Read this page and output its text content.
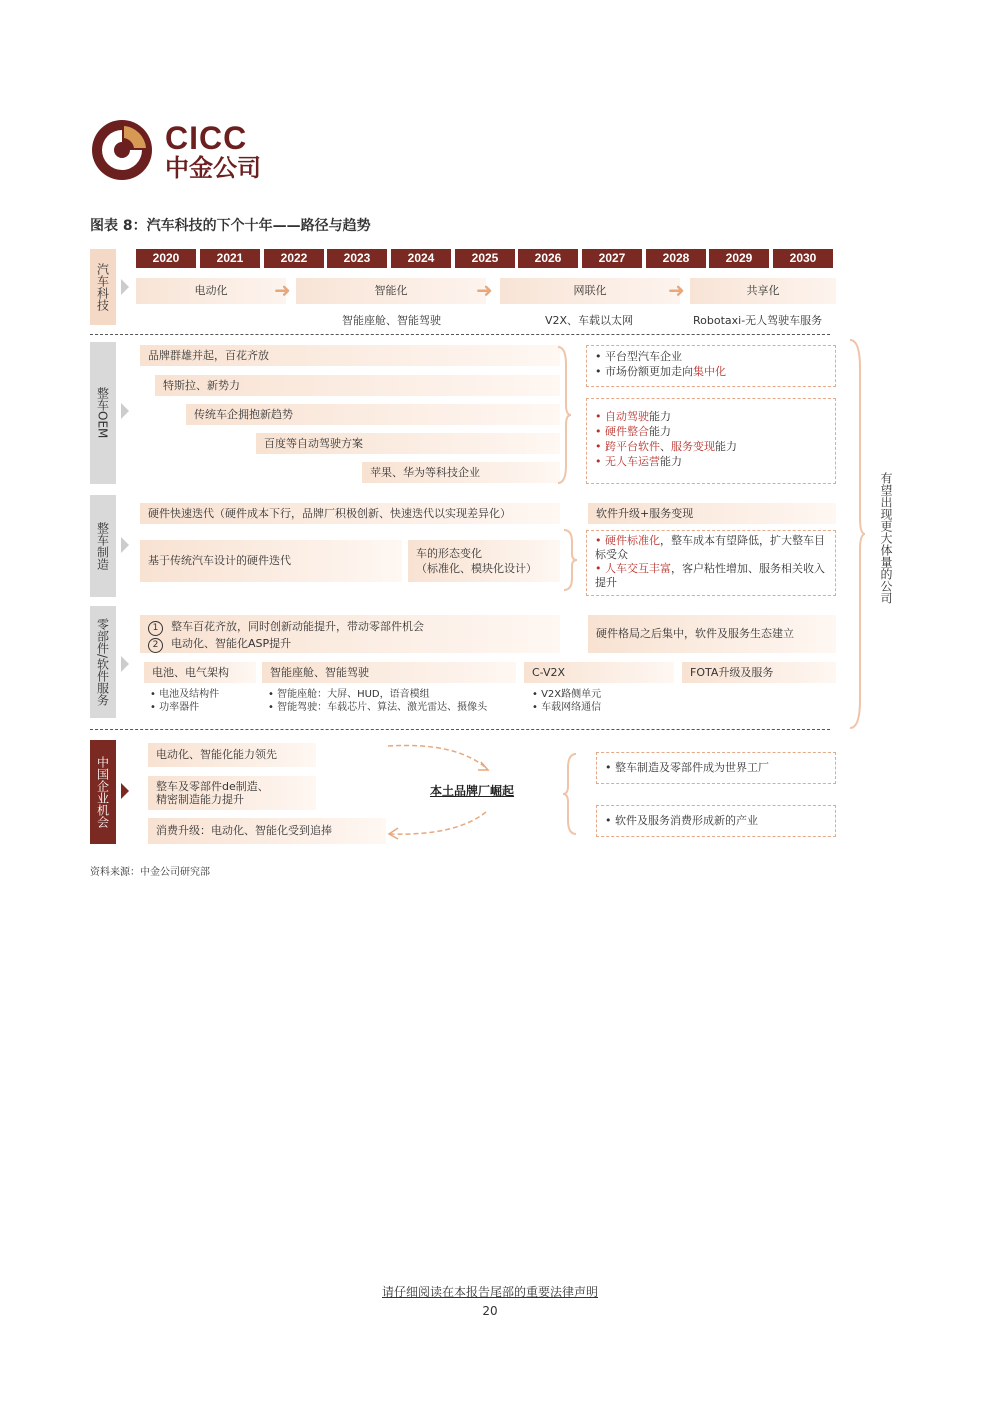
CICC
中金公司
图表 8：汽车科技的下个十年——路径与趋势
2020	2021	2022	2023	2024	2025	2026	2027	2028	2029	2030
汽车科技	电动化	➜	智能化	➜	网联化	➜	共享化
智能座舱、智能驾驶	V2X、车载以太网	Robotaxi-无人驾驶车服务
整车OEM
品牌群雄并起，百花齐放
特斯拉、新势力
传统车企拥抱新趋势
百度等自动驾驶方案
苹果、华为等科技企业
• 平台型汽车企业
• 市场份额更加走向集中化
• 自动驾驶能力
• 硬件整合能力
• 跨平台软件、服务变现能力
• 无人车运营能力
整车制造
硬件快速迭代（硬件成本下行，品牌厂积极创新、快速迭代以实现差异化）	软件升级+服务变现
基于传统汽车设计的硬件迭代
车的形态变化
（标准化、模块化设计）
• 硬件标准化，整车成本有望降低，扩大整车目标受众
• 人车交互丰富，客户粘性增加、服务相关收入提升
零部件/软件服务	1 整车百花齐放，同时创新动能提升，带动零部件机会
2 电动化、智能化ASP提升
硬件格局之后集中，软件及服务生态建立
电池、电气架构	智能座舱、智能驾驶	C-V2X	FOTA升级及服务
• 电池及结构件
• 功率器件
• 智能座舱：大屏、HUD，语音模组
• 智能驾驶：车载芯片、算法、激光雷达、摄像头
• V2X路侧单元
• 车载网络通信
有望出现更大体量的公司
中国企业机会
电动化、智能化能力领先
整车及零部件de制造、
精密制造能力提升
消费升级：电动化、智能化受到追捧
本土品牌厂崛起
• 整车制造及零部件成为世界工厂
• 软件及服务消费形成新的产业
资料来源：中金公司研究部
请仔细阅读在本报告尾部的重要法律声明
20
